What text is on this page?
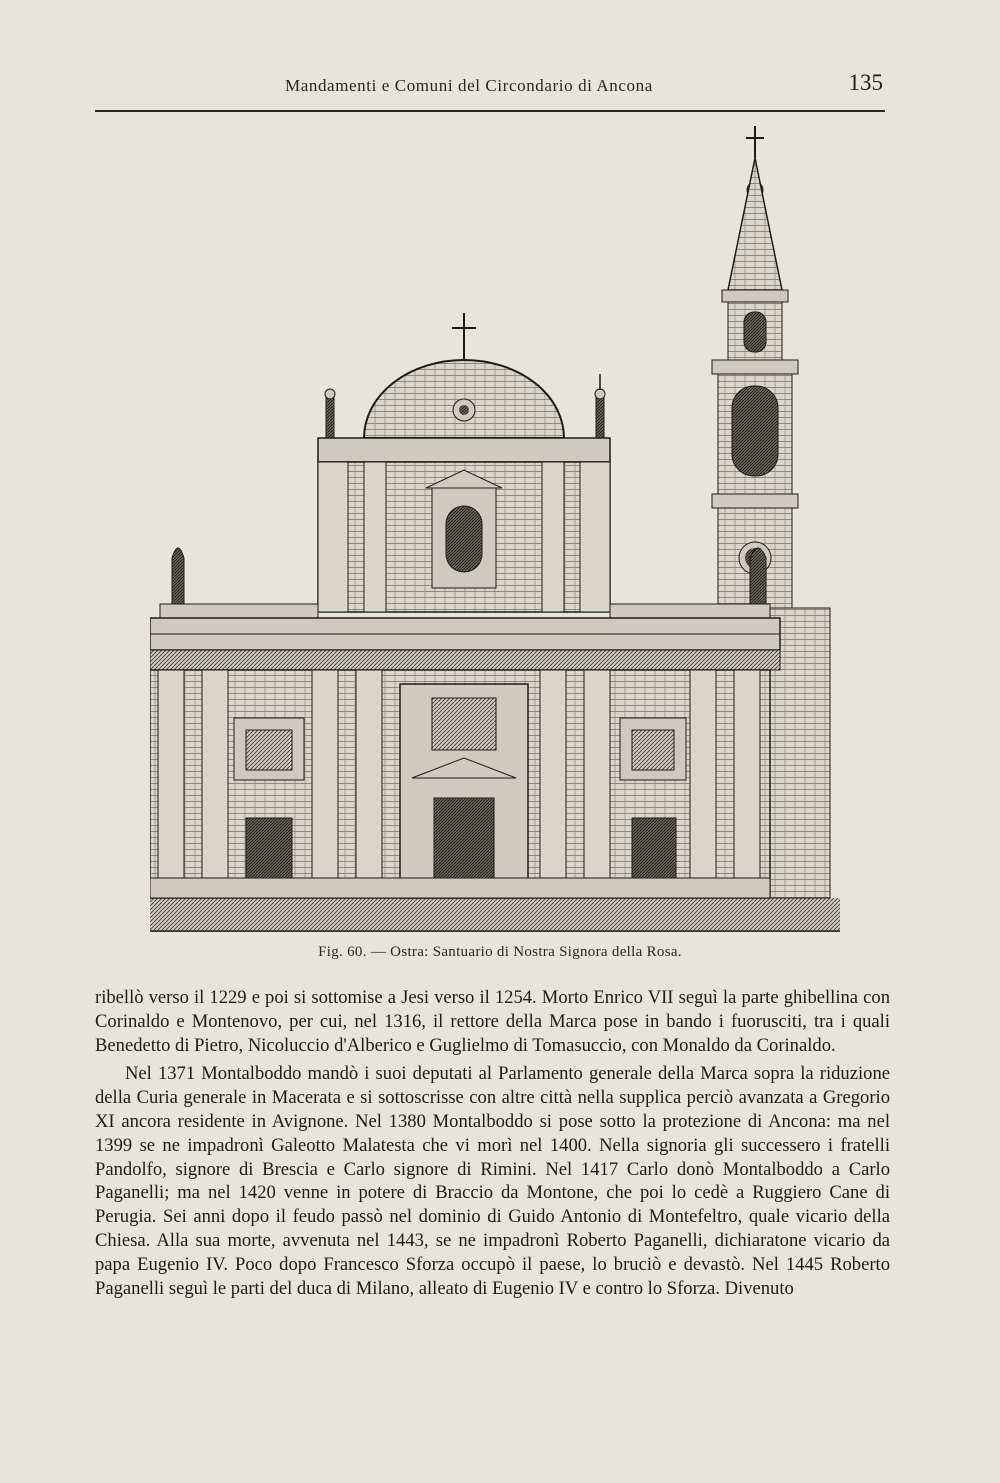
Mandamenti e Comuni del Circondario di Ancona	135
Fig. 60. — Ostra: Santuario di Nostra Signora della Rosa.

ribellò verso il 1229 e poi si sottomise a Jesi verso il 1254. Morto Enrico VII seguì la parte ghibellina con Corinaldo e Montenovo, per cui, nel 1316, il rettore della Marca pose in bando i fuorusciti, tra i quali Benedetto di Pietro, Nicoluccio d'Alberico e Guglielmo di Tomasuccio, con Monaldo da Corinaldo.

Nel 1371 Montalboddo mandò i suoi deputati al Parlamento generale della Marca sopra la riduzione della Curia generale in Macerata e si sottoscrisse con altre città nella supplica perciò avanzata a Gregorio XI ancora residente in Avignone. Nel 1380 Montalboddo si pose sotto la protezione di Ancona: ma nel 1399 se ne impadronì Galeotto Malatesta che vi morì nel 1400. Nella signoria gli successero i fratelli Pandolfo, signore di Brescia e Carlo signore di Rimini. Nel 1417 Carlo donò Montalboddo a Carlo Paganelli; ma nel 1420 venne in potere di Braccio da Montone, che poi lo cedè a Ruggiero Cane di Perugia. Sei anni dopo il feudo passò nel dominio di Guido Antonio di Montefeltro, quale vicario della Chiesa. Alla sua morte, avvenuta nel 1443, se ne impadronì Roberto Paganelli, dichiaratone vicario da papa Eugenio IV. Poco dopo Francesco Sforza occupò il paese, lo bruciò e devastò. Nel 1445 Roberto Paganelli seguì le parti del duca di Milano, alleato di Eugenio IV e contro lo Sforza. Divenuto
